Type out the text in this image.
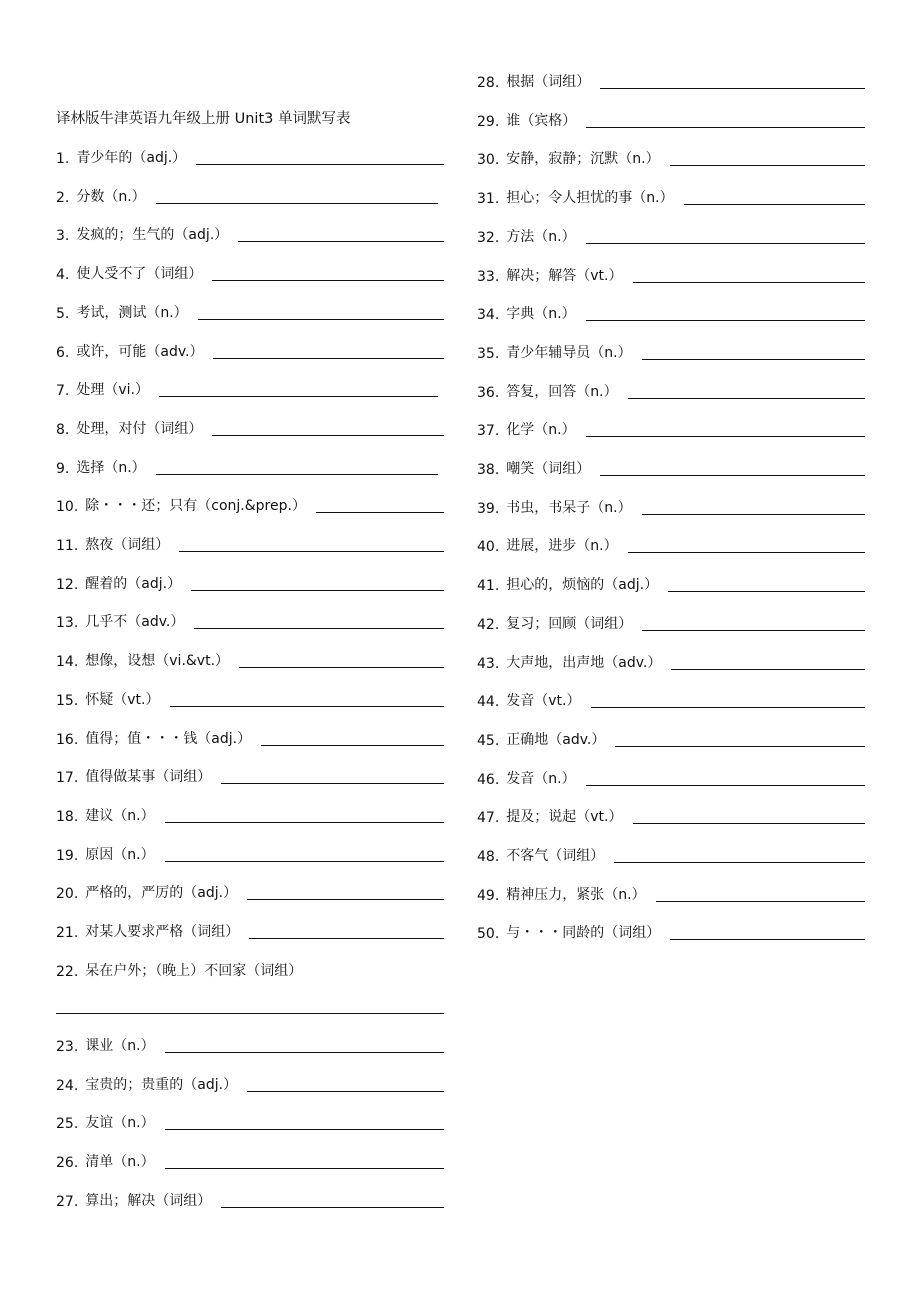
译林版牛津英语九年级上册 Unit3 单词默写表
1. 青少年的（adj.）
2. 分数（n.）
3. 发疯的；生气的（adj.）
4. 使人受不了（词组）
5. 考试，测试（n.）
6. 或许，可能（adv.）
7. 处理（vi.）
8. 处理，对付（词组）
9. 选择（n.）
10. 除・・・还；只有（conj.&prep.）
11. 熬夜（词组）
12. 醒着的（adj.）
13. 几乎不（adv.）
14. 想像，设想（vi.&vt.）
15. 怀疑（vt.）
16. 值得；值・・・钱（adj.）
17. 值得做某事（词组）
18. 建议（n.）
19. 原因（n.）
20. 严格的，严厉的（adj.）
21. 对某人要求严格（词组）
22. 呆在户外；（晚上）不回家（词组）
23. 课业（n.）
24. 宝贵的；贵重的（adj.）
25. 友谊（n.）
26. 清单（n.）
27. 算出；解决（词组）
28. 根据（词组）
29. 谁（宾格）
30. 安静，寂静；沉默（n.）
31. 担心；令人担忧的事（n.）
32. 方法（n.）
33. 解决；解答（vt.）
34. 字典（n.）
35. 青少年辅导员（n.）
36. 答复，回答（n.）
37. 化学（n.）
38. 嘲笑（词组）
39. 书虫，书呆子（n.）
40. 进展，进步（n.）
41. 担心的，烦恼的（adj.）
42. 复习；回顾（词组）
43. 大声地，出声地（adv.）
44. 发音（vt.）
45. 正确地（adv.）
46. 发音（n.）
47. 提及；说起（vt.）
48. 不客气（词组）
49. 精神压力，紧张（n.）
50. 与・・・同龄的（词组）
